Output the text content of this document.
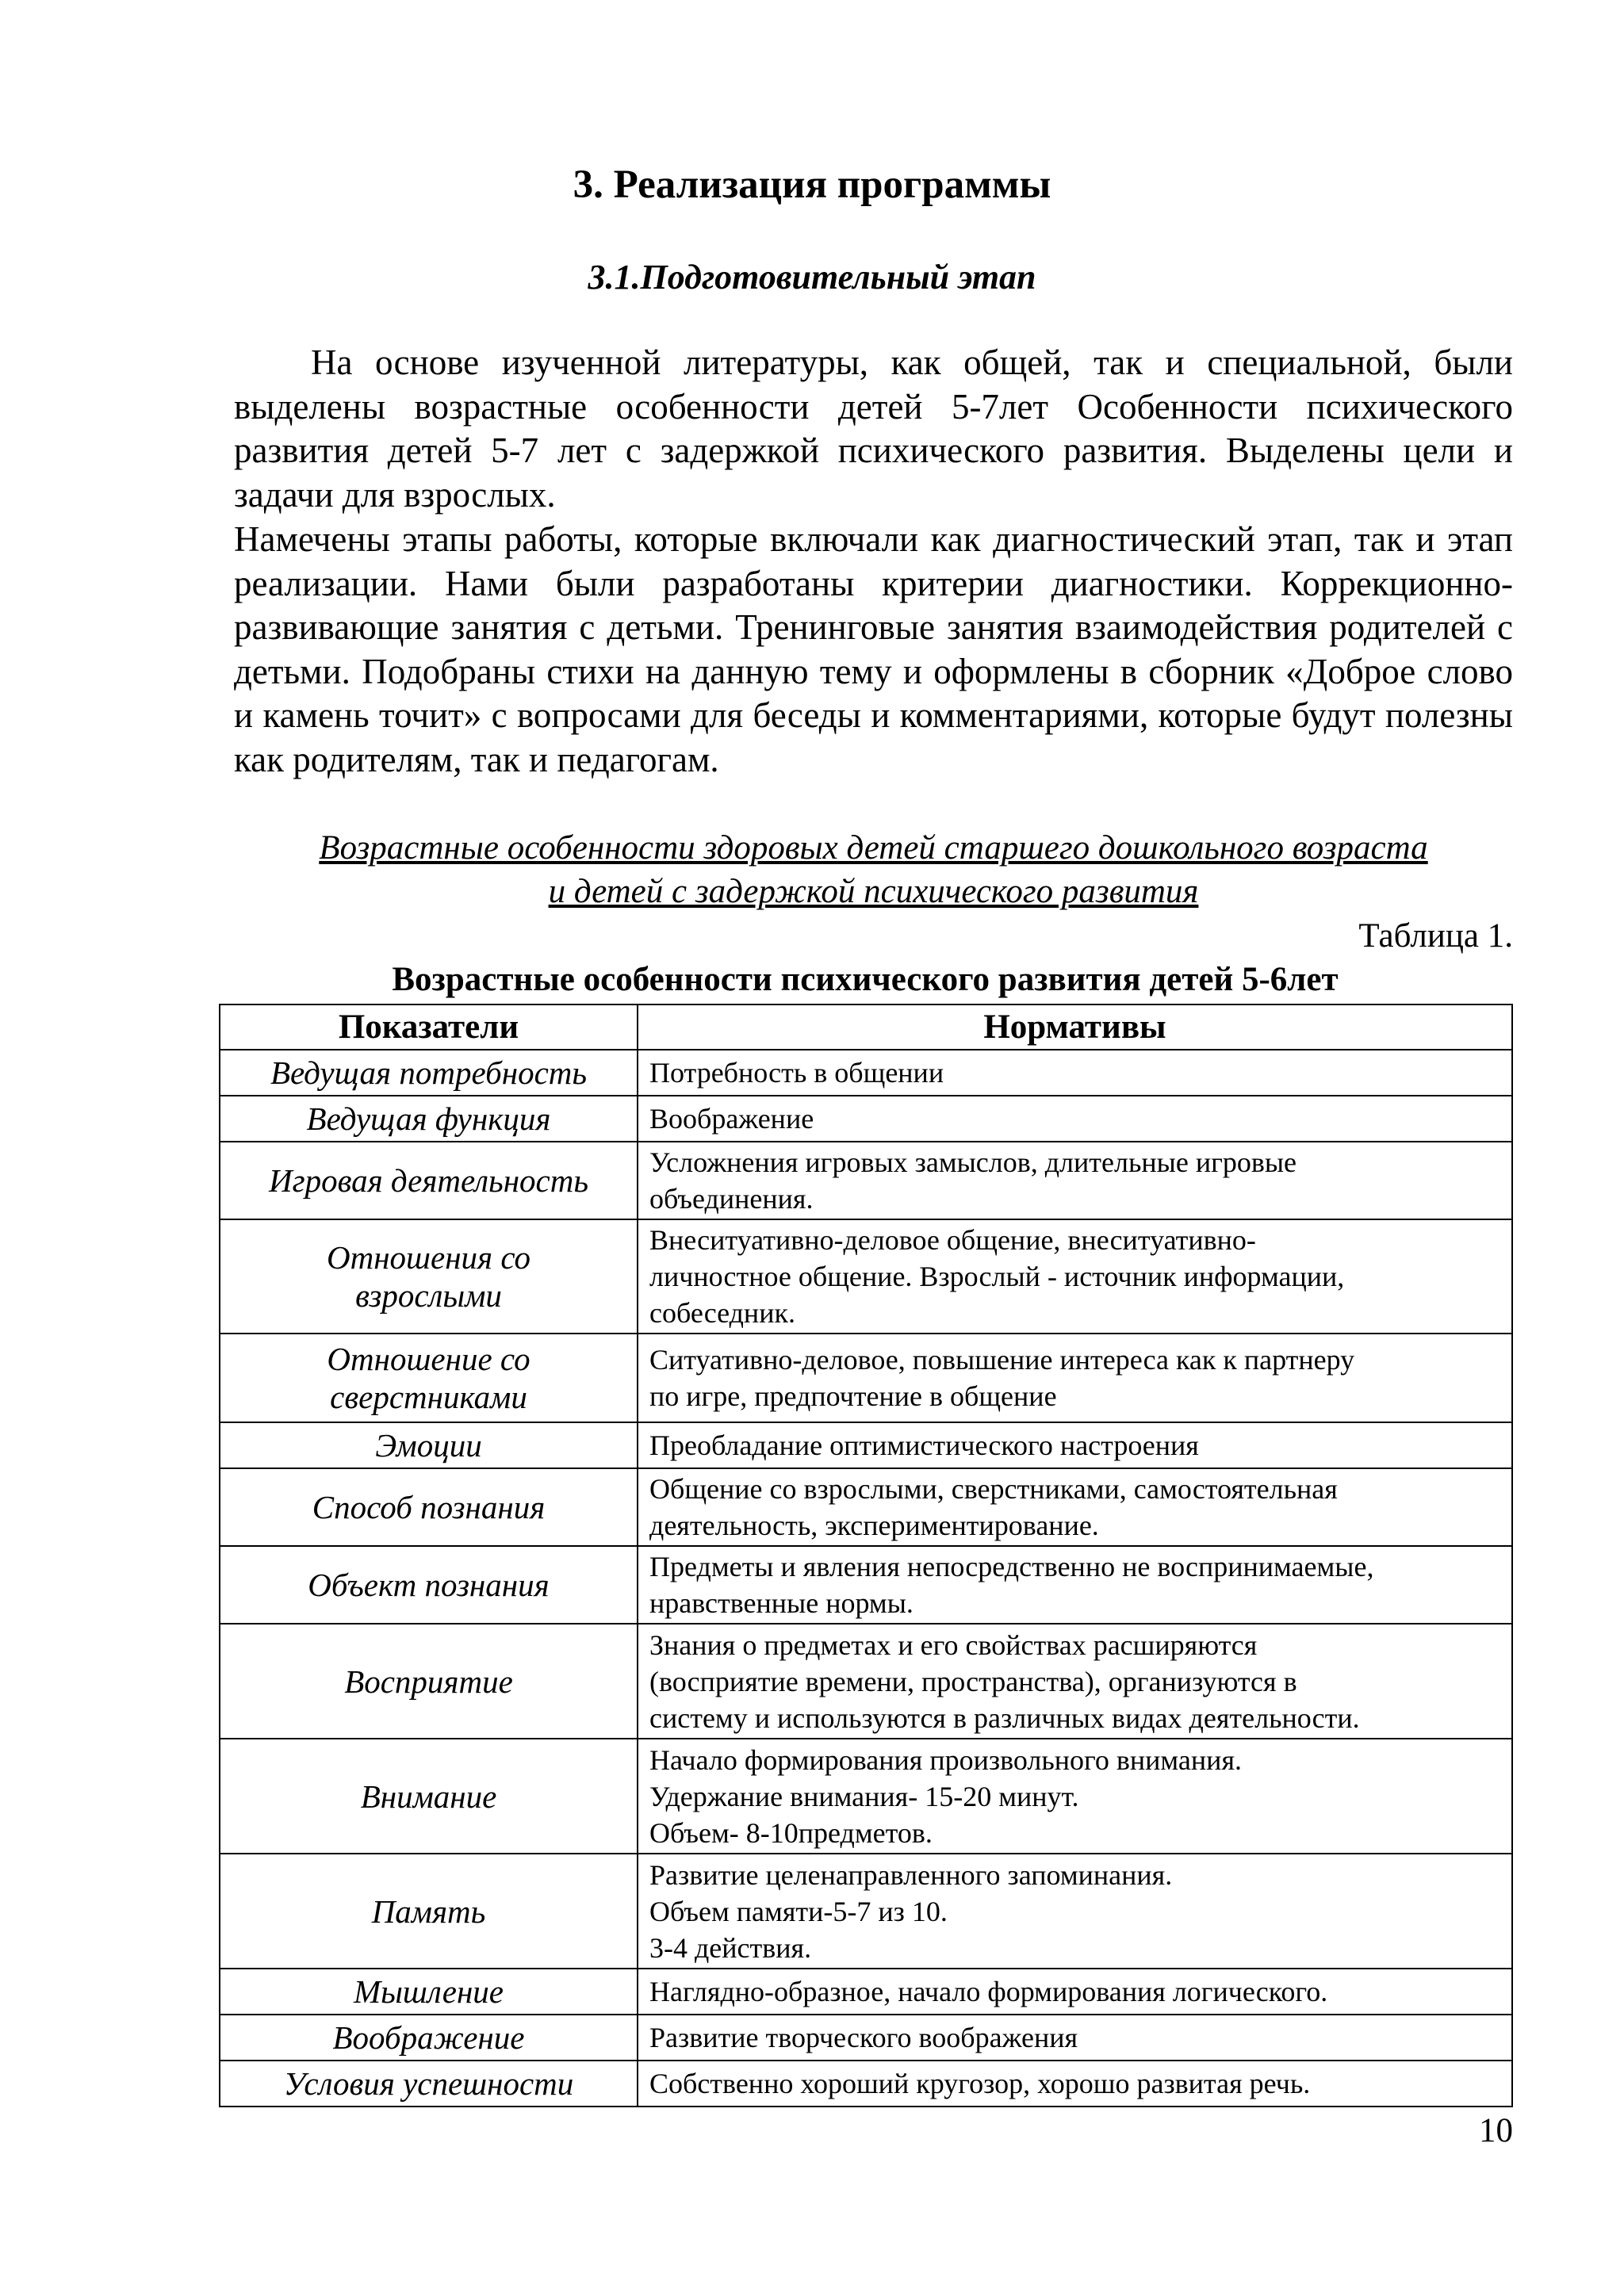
3. Реализация программы
3.1.Подготовительный этап

На основе изученной литературы, как общей, так и специальной, были выделены возрастные особенности детей 5-7лет Особенности психического развития детей 5-7 лет с задержкой психического развития. Выделены цели и задачи для взрослых.

Намечены этапы работы, которые включали как диагностический этап, так и этап реализации. Нами были разработаны критерии диагностики. Коррекционно-развивающие занятия с детьми. Тренинговые занятия взаимодействия родителей с детьми. Подобраны стихи на данную тему и оформлены в сборник «Доброе слово и камень точит» с вопросами для беседы и комментариями, которые будут полезны как родителям, так и педагогам.

Возрастные особенности здоровых детей старшего дошкольного возраста
и детей с задержкой психического развития

Таблица 1.

Возрастные особенности психического развития детей 5-6лет

Показатели	Нормативы
Ведущая потребность	Потребность в общении
Ведущая функция	Воображение
Игровая деятельность	Усложнения игровых замыслов, длительные игровые
объединения.
Отношения со
взрослыми	Внеситуативно-деловое общение, внеситуативно-
личностное общение. Взрослый - источник информации,
собеседник.
Отношение со
сверстниками	Ситуативно-деловое, повышение интереса как к партнеру
по игре, предпочтение в общение
Эмоции	Преобладание оптимистического настроения
Способ познания	Общение со взрослыми, сверстниками, самостоятельная
деятельность, экспериментирование.
Объект познания	Предметы и явления непосредственно не воспринимаемые,
нравственные нормы.
Восприятие	Знания о предметах и его свойствах расширяются
(восприятие времени, пространства), организуются в
систему и используются в различных видах деятельности.
Внимание	Начало формирования произвольного внимания.
Удержание внимания- 15-20 минут.
Объем- 8-10предметов.
Память	Развитие целенаправленного запоминания.
Объем памяти-5-7 из 10.
3-4 действия.
Мышление	Наглядно-образное, начало формирования логического.
Воображение	Развитие творческого воображения
Условия успешности	Собственно хороший кругозор, хорошо развитая речь.

10
